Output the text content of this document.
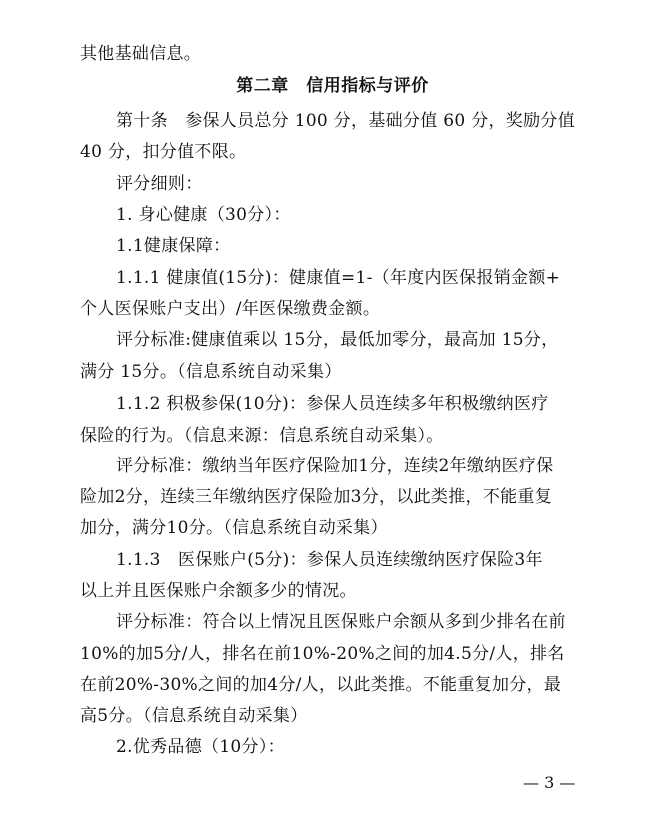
其他基础信息。

第二章　信用指标与评价

第十条　参保人员总分 100 分，基础分值 60 分，奖励分值

40 分，扣分值不限。

评分细则：

1. 身心健康（30分）：

1.1健康保障：

1.1.1 健康值(15分)：健康值=1-（年度内医保报销金额+

个人医保账户支出）/年医保缴费金额。

评分标准:健康值乘以 15分，最低加零分，最高加 15分，

满分 15分。（信息系统自动采集）

1.1.2 积极参保(10分)：参保人员连续多年积极缴纳医疗

保险的行为。（信息来源：信息系统自动采集）。

评分标准：缴纳当年医疗保险加1分，连续2年缴纳医疗保

险加2分，连续三年缴纳医疗保险加3分，以此类推，不能重复

加分，满分10分。（信息系统自动采集）

1.1.3　医保账户(5分)：参保人员连续缴纳医疗保险3年

以上并且医保账户余额多少的情况。

评分标准：符合以上情况且医保账户余额从多到少排名在前

10%的加5分/人，排名在前10%-20%之间的加4.5分/人，排名

在前20%-30%之间的加4分/人，以此类推。不能重复加分，最

高5分。（信息系统自动采集）

2.优秀品德（10分）：

— 3 —
